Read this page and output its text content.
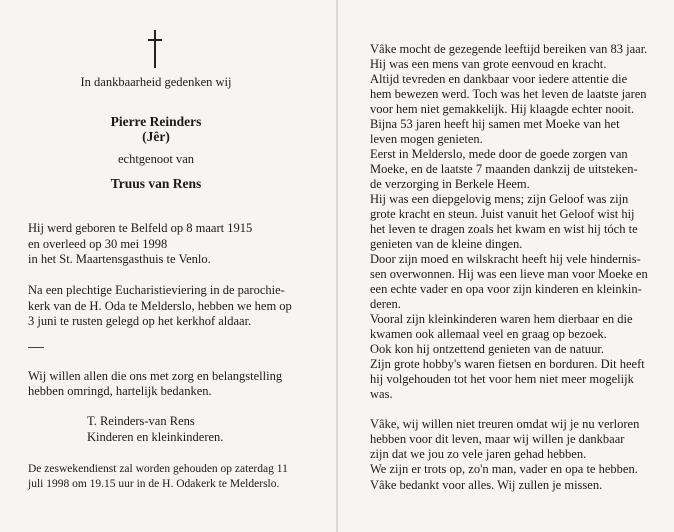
In dankbaarheid gedenken wij
Pierre Reinders
(Jêr)
echtgenoot van
Truus van Rens
Hij werd geboren te Belfeld op 8 maart 1915
en overleed op 30 mei 1998
in het St. Maartensgasthuis te Venlo.
Na een plechtige Eucharistieviering in de parochie-
kerk van de H. Oda te Melderslo, hebben we hem op
3 juni te rusten gelegd op het kerkhof aldaar.
Wij willen allen die ons met zorg en belangstelling
hebben omringd, hartelijk bedanken.
T. Reinders-van Rens
Kinderen en kleinkinderen.
De zeswekendienst zal worden gehouden op zaterdag 11
juli 1998 om 19.15 uur in de H. Odakerk te Melderslo.
Vâke mocht de gezegende leeftijd bereiken van 83 jaar.
Hij was een mens van grote eenvoud en kracht.
Altijd tevreden en dankbaar voor iedere attentie die
hem bewezen werd. Toch was het leven de laatste jaren
voor hem niet gemakkelijk. Hij klaagde echter nooit.
Bijna 53 jaren heeft hij samen met Moeke van het
leven mogen genieten.
Eerst in Melderslo, mede door de goede zorgen van
Moeke, en de laatste 7 maanden dankzij de uitsteken-
de verzorging in Berkele Heem.
Hij was een diepgelovig mens; zijn Geloof was zijn
grote kracht en steun. Juist vanuit het Geloof wist hij
het leven te dragen zoals het kwam en wist hij tóch te
genieten van de kleine dingen.
Door zijn moed en wilskracht heeft hij vele hindernis-
sen overwonnen. Hij was een lieve man voor Moeke en
een echte vader en opa voor zijn kinderen en kleinkin-
deren.
Vooral zijn kleinkinderen waren hem dierbaar en die
kwamen ook allemaal veel en graag op bezoek.
Ook kon hij ontzettend genieten van de natuur.
Zijn grote hobby's waren fietsen en borduren. Dit heeft
hij volgehouden tot het voor hem niet meer mogelijk
was.
Vâke, wij willen niet treuren omdat wij je nu verloren
hebben voor dit leven, maar wij willen je dankbaar
zijn dat we jou zo vele jaren gehad hebben.
We zijn er trots op, zo'n man, vader en opa te hebben.
Vâke bedankt voor alles. Wij zullen je missen.
